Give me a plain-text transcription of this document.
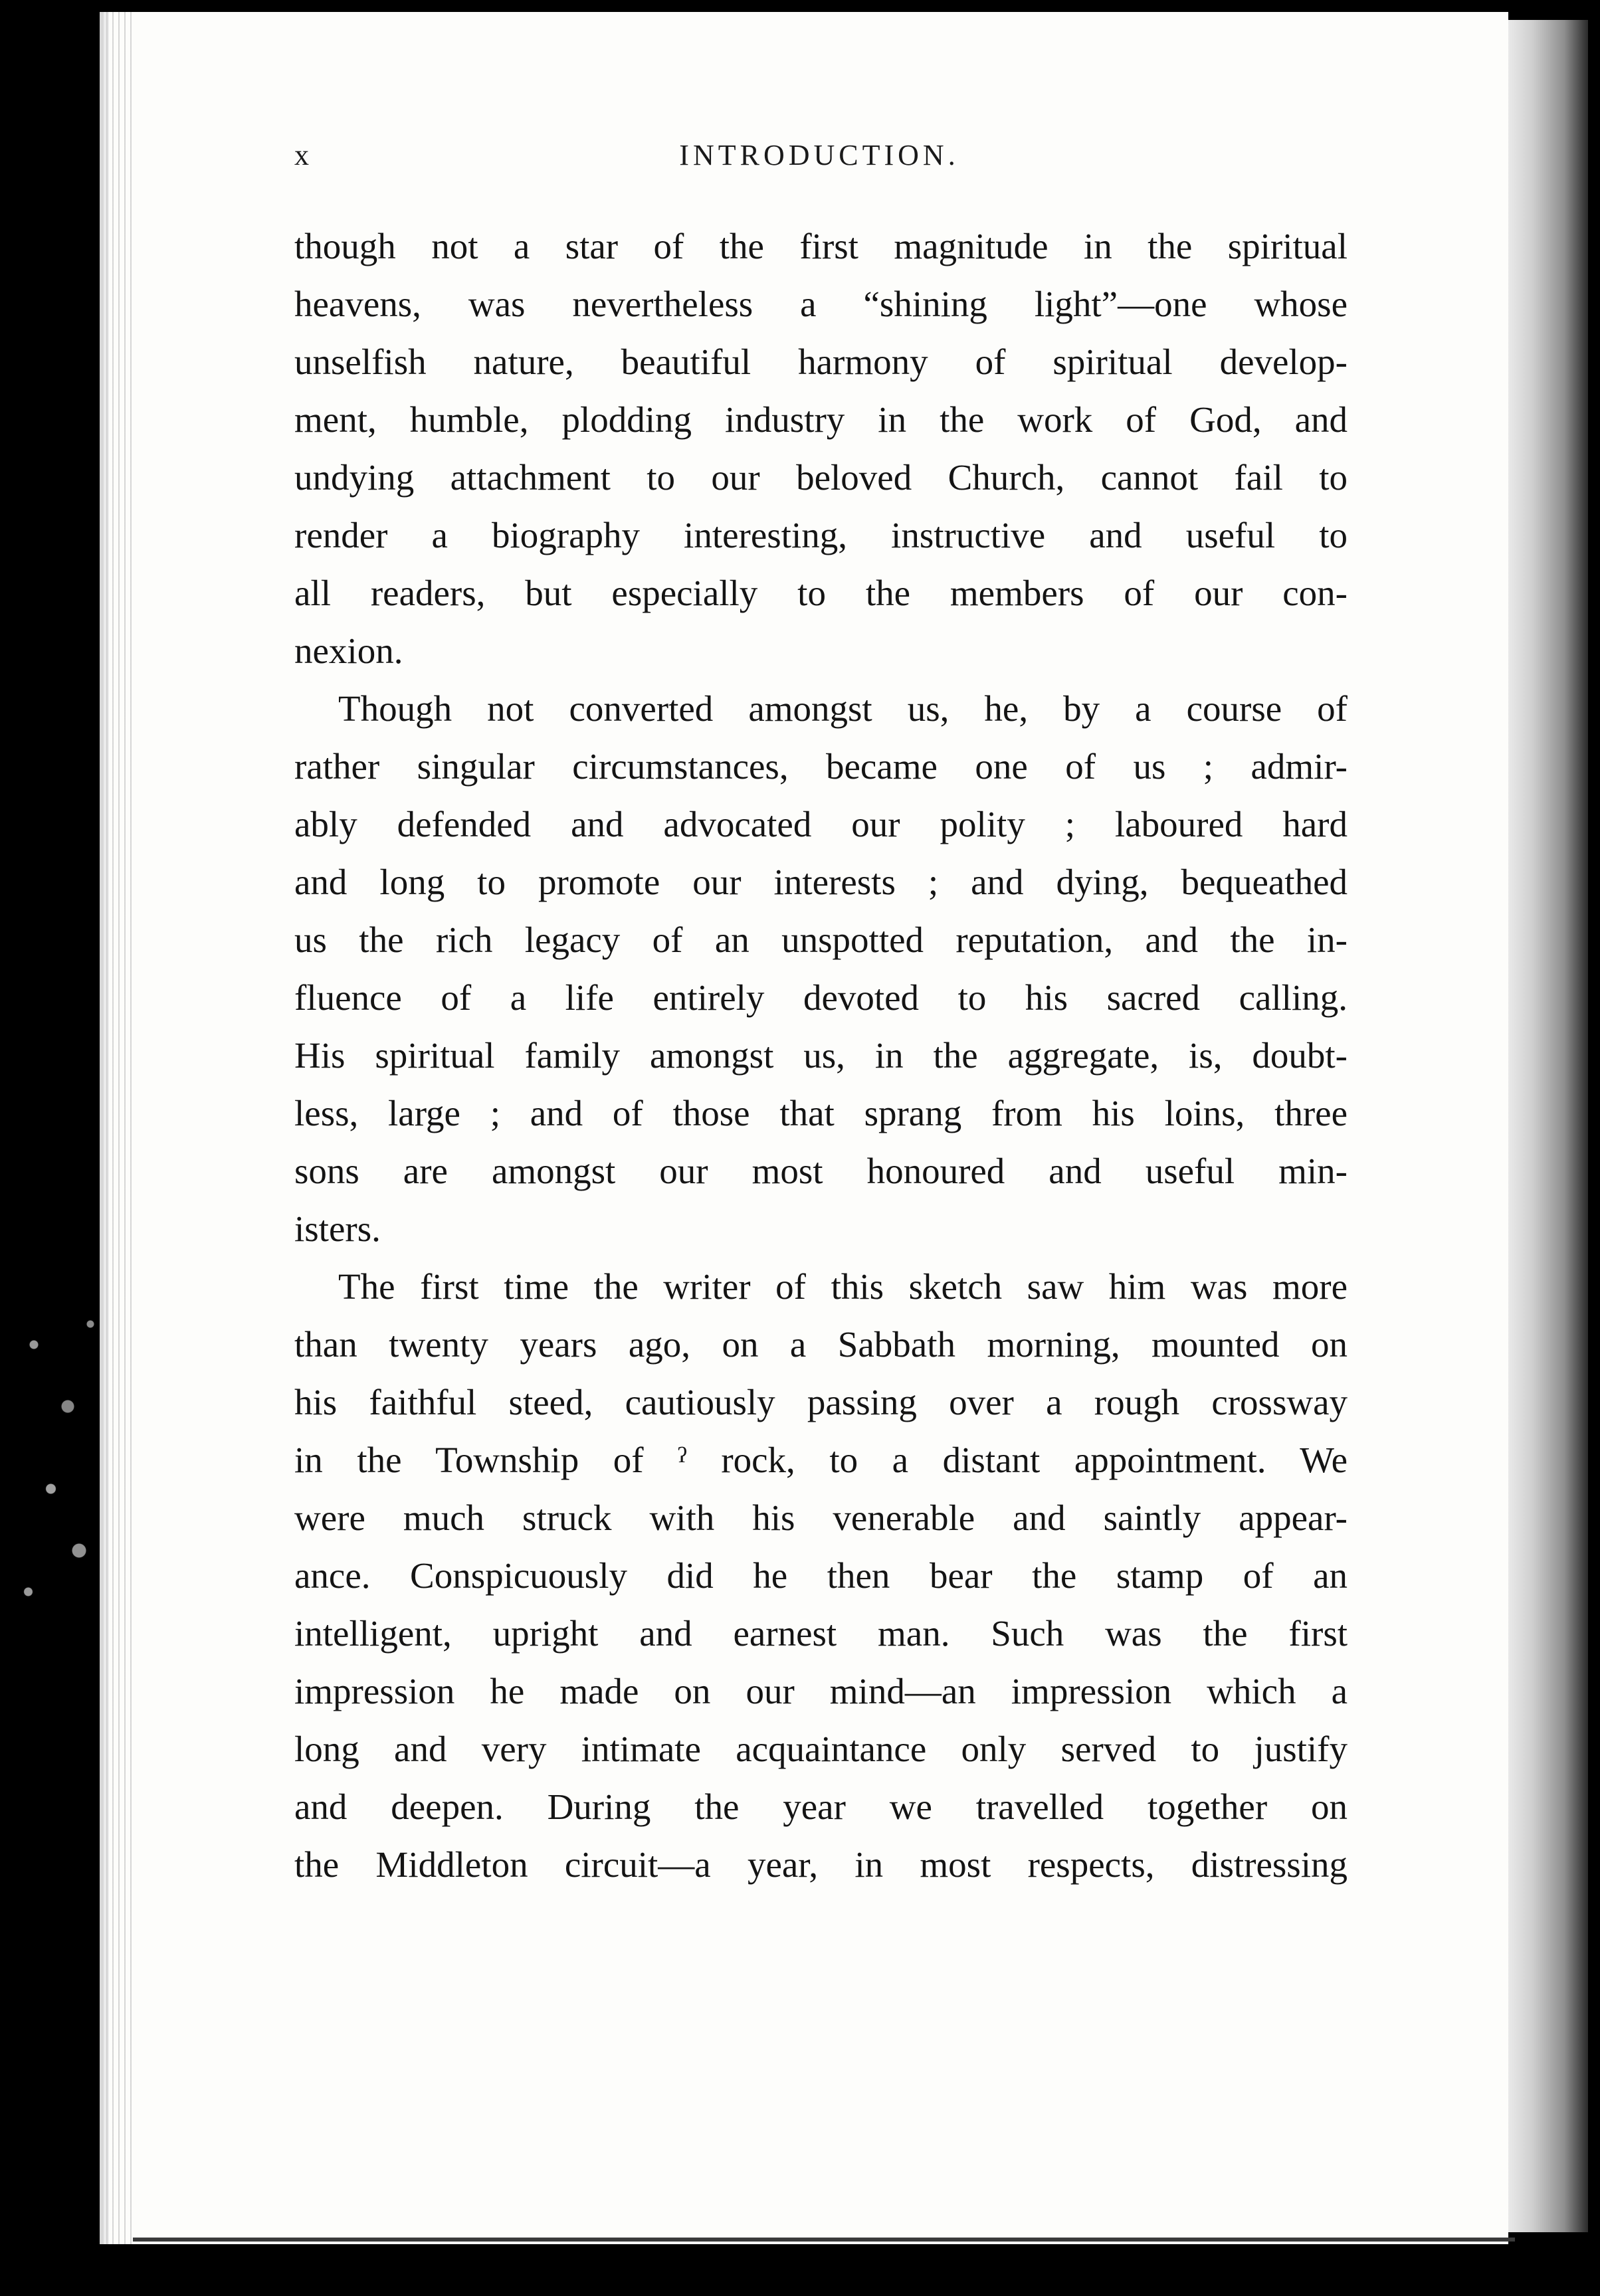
x	INTRODUCTION.
though not a star of the first magnitude in the spiritual
heavens, was nevertheless a “shining light”—one whose
unselfish nature, beautiful harmony of spiritual develop-
ment, humble, plodding industry in the work of God, and
undying attachment to our beloved Church, cannot fail to
render a biography interesting, instructive and useful to
all readers, but especially to the members of our con-
nexion.
Though not converted amongst us, he, by a course of
rather singular circumstances, became one of us ; admir-
ably defended and advocated our polity ; laboured hard
and long to promote our interests ; and dying, bequeathed
us the rich legacy of an unspotted reputation, and the in-
fluence of a life entirely devoted to his sacred calling.
His spiritual family amongst us, in the aggregate, is, doubt-
less, large ; and of those that sprang from his loins, three
sons are amongst our most honoured and useful min-
isters.
The first time the writer of this sketch saw him was more
than twenty years ago, on a Sabbath morning, mounted on
his faithful steed, cautiously passing over a rough crossway
in the Township of ˀ rock, to a distant appointment. We
were much struck with his venerable and saintly appear-
ance. Conspicuously did he then bear the stamp of an
intelligent, upright and earnest man. Such was the first
impression he made on our mind—an impression which a
long and very intimate acquaintance only served to justify
and deepen. During the year we travelled together on
the Middleton circuit—a year, in most respects, distressing
